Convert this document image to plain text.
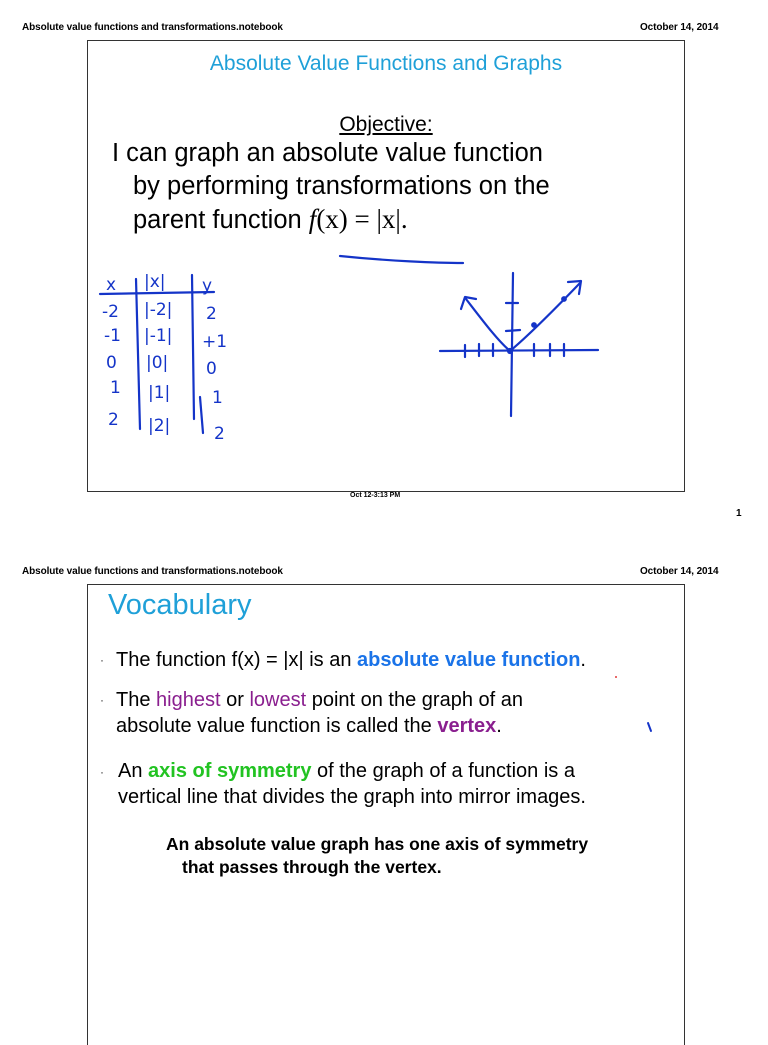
Absolute value functions and transformations.notebook	October 14, 2014
Absolute Value Functions and Graphs
Objective:
I can graph an absolute value function
by performing transformations on the
parent function f(x) = |x|.
x |x| y
-2 |-2| 2
-1 |-1| +1
0 |0| 0
1 |1| 1
2 |2|	2
Oct 12-3:13 PM
1
Absolute value functions and transformations.notebook	October 14, 2014
Vocabulary
· The function f(x) = |x| is an absolute value function.
· The highest or lowest point on the graph of an
absolute value function is called the vertex.
· An axis of symmetry of the graph of a function is a
vertical line that divides the graph into mirror images.
An absolute value graph has one axis of symmetry
that passes through the vertex.
